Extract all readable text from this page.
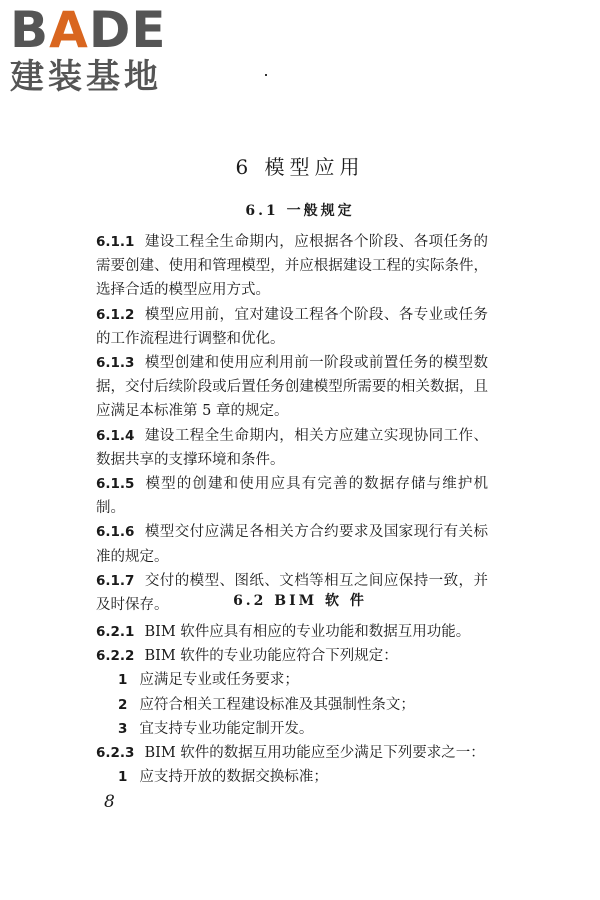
BADE
建装基地
6 模型应用
6.1 一般规定

6.1.1 建设工程全生命期内，应根据各个阶段、各项任务的需要创建、使用和管理模型，并应根据建设工程的实际条件，选择合适的模型应用方式。

6.1.2 模型应用前，宜对建设工程各个阶段、各专业或任务的工作流程进行调整和优化。

6.1.3 模型创建和使用应利用前一阶段或前置任务的模型数据，交付后续阶段或后置任务创建模型所需要的相关数据，且应满足本标准第 5 章的规定。

6.1.4 建设工程全生命期内，相关方应建立实现协同工作、数据共享的支撑环境和条件。

6.1.5 模型的创建和使用应具有完善的数据存储与维护机制。

6.1.6 模型交付应满足各相关方合约要求及国家现行有关标准的规定。

6.1.7 交付的模型、图纸、文档等相互之间应保持一致，并及时保存。	6.2 BIM 软 件

6.2.1 BIM 软件应具有相应的专业功能和数据互用功能。

6.2.2 BIM 软件的专业功能应符合下列规定：

1 应满足专业或任务要求；

2 应符合相关工程建设标准及其强制性条文；

3 宜支持专业功能定制开发。

6.2.3 BIM 软件的数据互用功能应至少满足下列要求之一：

1 应支持开放的数据交换标准；

8
